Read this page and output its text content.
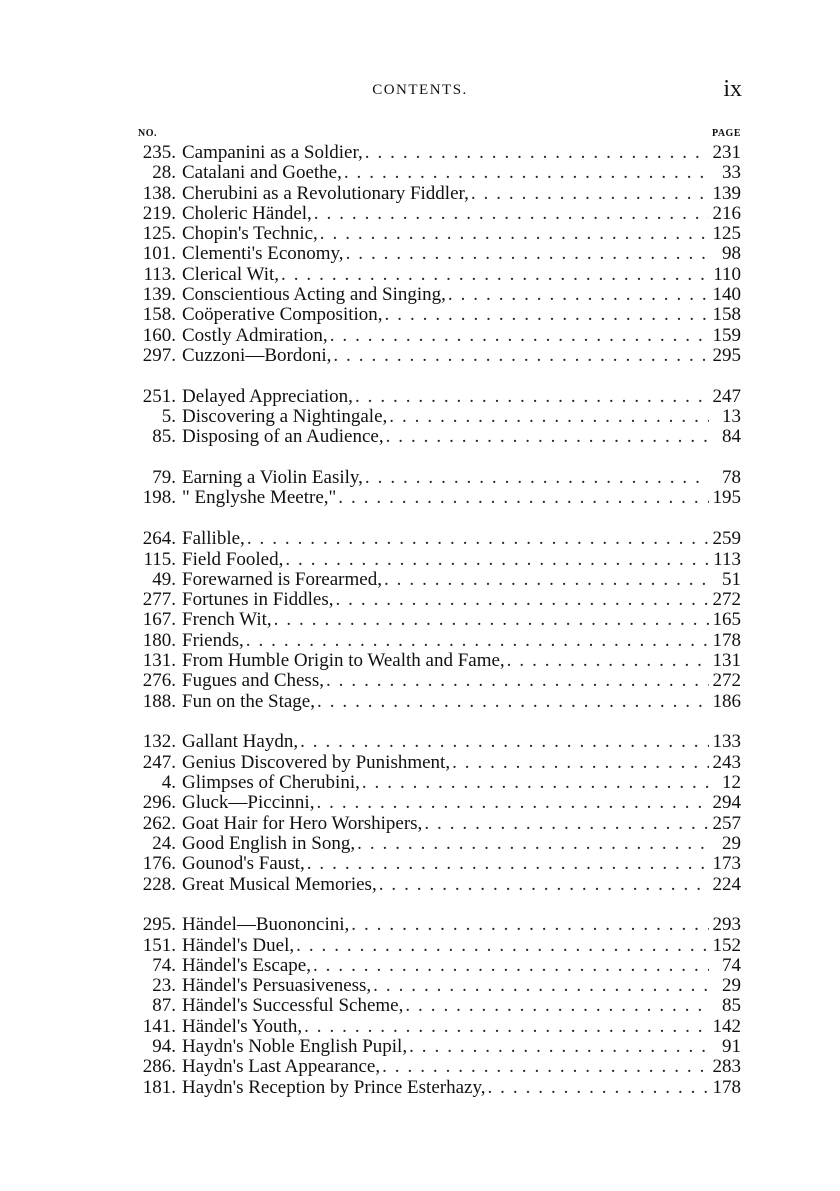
CONTENTS.	ix
NO.	PAGE
235. Campanini as a Soldier, . . .	231
28. Catalani and Goethe, . . .	33
138. Cherubini as a Revolutionary Fiddler, . . .	139
219. Choleric Händel, . . .	216
125. Chopin's Technic, . . .	125
101. Clementi's Economy, . . .	98
113. Clerical Wit, . . .	110
139. Conscientious Acting and Singing, . . .	140
158. Coöperative Composition, . . .	158
160. Costly Admiration, . . .	159
297. Cuzzoni—Bordoni, . . .	295
251. Delayed Appreciation, . . .	247
5. Discovering a Nightingale, . . .	13
85. Disposing of an Audience, . . .	84
79. Earning a Violin Easily, . . .	78
198. " Englyshe Meetre," . . .	195
264. Fallible, . . .	259
115. Field Fooled, . . .	113
49. Forewarned is Forearmed, . . .	51
277. Fortunes in Fiddles, . . .	272
167. French Wit, . . .	165
180. Friends, . . .	178
131. From Humble Origin to Wealth and Fame, . . .	131
276. Fugues and Chess, . . .	272
188. Fun on the Stage, . . .	186
132. Gallant Haydn, . . .	133
247. Genius Discovered by Punishment, . . .	243
4. Glimpses of Cherubini, . . .	12
296. Gluck—Piccinni, . . .	294
262. Goat Hair for Hero Worshipers, . . .	257
24. Good English in Song, . . .	29
176. Gounod's Faust, . . .	173
228. Great Musical Memories, . . .	224
295. Händel—Buononcini, . . .	293
151. Händel's Duel, . . .	152
74. Händel's Escape, . . .	74
23. Händel's Persuasiveness, . . .	29
87. Händel's Successful Scheme, . . .	85
141. Händel's Youth, . . .	142
94. Haydn's Noble English Pupil, . . .	91
286. Haydn's Last Appearance, . . .	283
181. Haydn's Reception by Prince Esterhazy, . . .	178
